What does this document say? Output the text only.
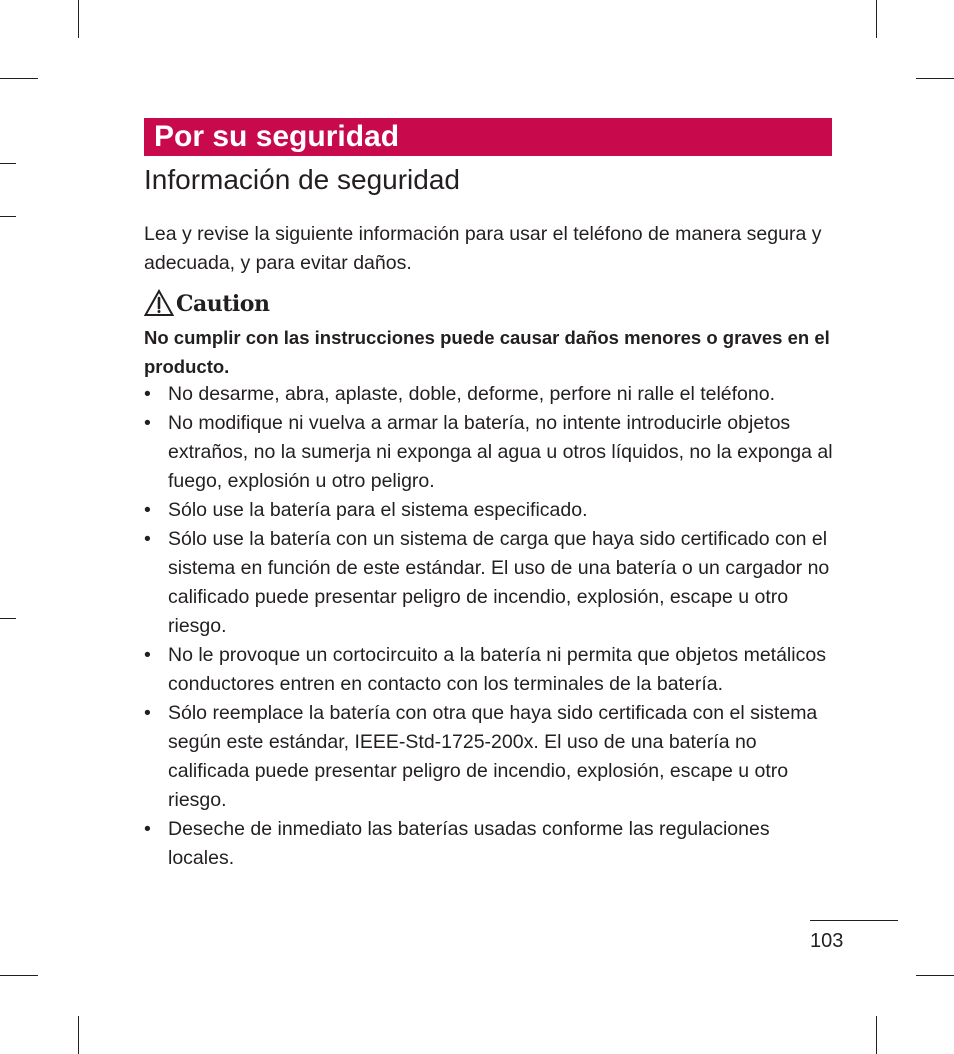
Por su seguridad
Información de seguridad

Lea y revise la siguiente información para usar el teléfono de manera segura y adecuada, y para evitar daños.

Caution

No cumplir con las instrucciones puede causar daños menores o graves en el producto.

• No desarme, abra, aplaste, doble, deforme, perfore ni ralle el teléfono.
• No modifique ni vuelva a armar la batería, no intente introducirle objetos extraños, no la sumerja ni exponga al agua u otros líquidos, no la exponga al fuego, explosión u otro peligro.
• Sólo use la batería para el sistema especificado.
• Sólo use la batería con un sistema de carga que haya sido certificado con el sistema en función de este estándar. El uso de una batería o un cargador no calificado puede presentar peligro de incendio, explosión, escape u otro riesgo.
• No le provoque un cortocircuito a la batería ni permita que objetos metálicos conductores entren en contacto con los terminales de la batería.
• Sólo reemplace la batería con otra que haya sido certificada con el sistema según este estándar, IEEE-Std-1725-200x. El uso de una batería no calificada puede presentar peligro de incendio, explosión, escape u otro riesgo.
• Deseche de inmediato las baterías usadas conforme las regulaciones locales.
103
